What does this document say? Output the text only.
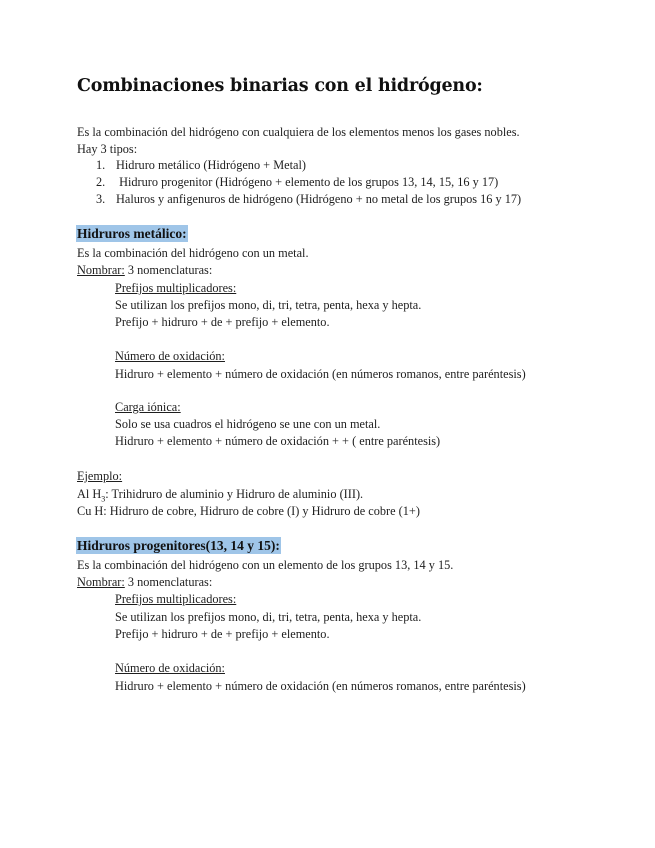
Combinaciones binarias con el hidrógeno:
Es la combinación del hidrógeno con cualquiera de los elementos menos los gases nobles.
Hay 3 tipos:
1. Hidruro metálico (Hidrógeno + Metal)
2. Hidruro progenitor (Hidrógeno + elemento de los grupos 13, 14, 15, 16 y 17)
3. Haluros y anfigenuros de hidrógeno (Hidrógeno + no metal de los grupos 16 y 17)
Hidruros metálico:
Es la combinación del hidrógeno con un metal.
Nombrar: 3 nomenclaturas:
Prefijos multiplicadores:
Se utilizan los prefijos mono, di, tri, tetra, penta, hexa y hepta.
Prefijo + hidruro + de + prefijo + elemento.
Número de oxidación:
Hidruro + elemento + número de oxidación (en números romanos, entre paréntesis)
Carga iónica:
Solo se usa cuadros el hidrógeno se une con un metal.
Hidruro + elemento + número de oxidación + + ( entre paréntesis)
Ejemplo:
Al $H_3$: Trihidruro de aluminio y Hidruro de aluminio (III).
Cu H: Hidruro de cobre, Hidruro de cobre (I) y Hidruro de cobre (1+)
Hidruros progenitores(13, 14 y 15):
Es la combinación del hidrógeno con un elemento de los grupos 13, 14 y 15.
Nombrar: 3 nomenclaturas:
Prefijos multiplicadores:
Se utilizan los prefijos mono, di, tri, tetra, penta, hexa y hepta.
Prefijo + hidruro + de + prefijo + elemento.
Número de oxidación:
Hidruro + elemento + número de oxidación (en números romanos, entre paréntesis)
